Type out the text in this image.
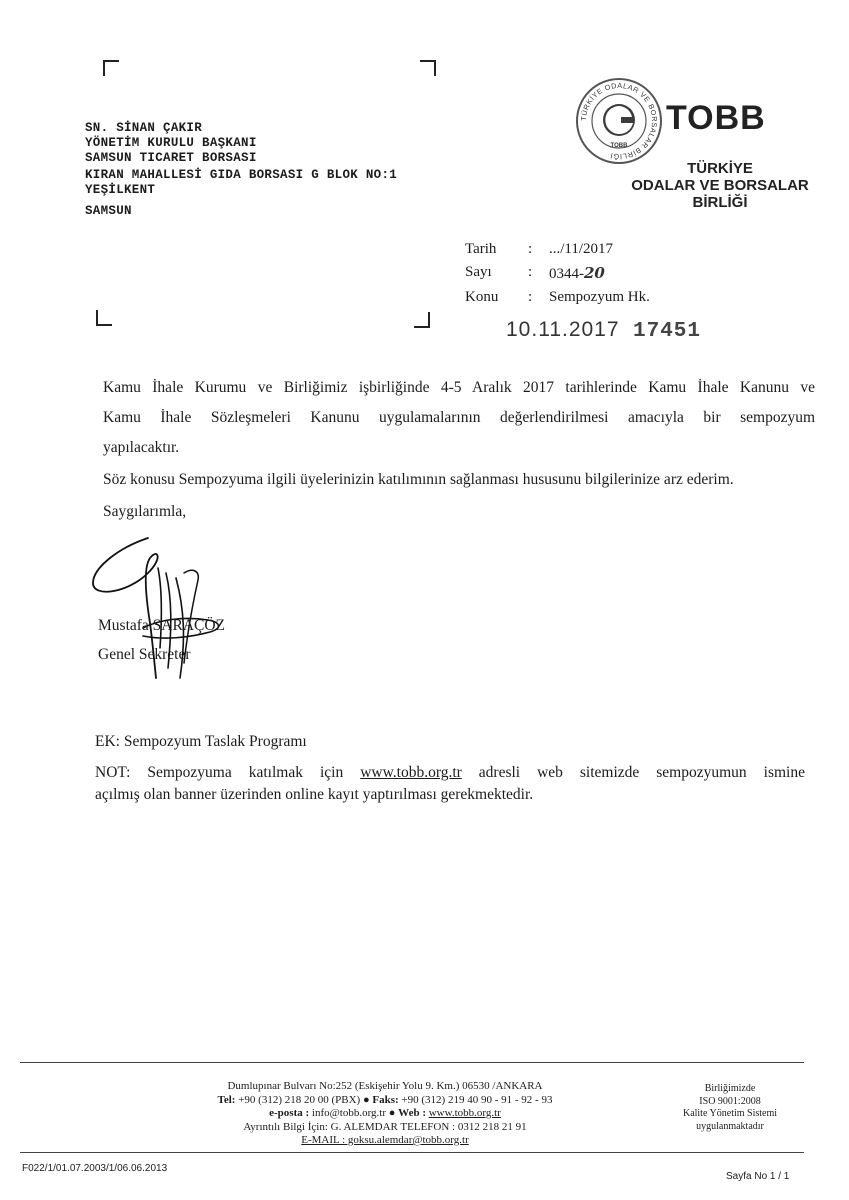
SN. SİNAN ÇAKIR
YÖNETİM KURULU BAŞKANI
SAMSUN TICARET BORSASI
KIRAN MAHALLESİ GIDA BORSASI G BLOK NO:1
YEŞİLKENT
SAMSUN
TÜRKİYE ODALAR VE BORSALAR BİRLİĞİ
TOBB
TOBB
TÜRKİYE
ODALAR VE BORSALAR
BİRLİĞİ
Tarih : .../11/2017
Sayı : 0344-20
Konu : Sempozyum Hk.
10.11.2017 17451
Kamu İhale Kurumu ve Birliğimiz işbirliğinde 4-5 Aralık 2017 tarihlerinde Kamu İhale Kanunu ve
Kamu İhale Sözleşmeleri Kanunu uygulamalarının değerlendirilmesi amacıyla bir sempozyum
yapılacaktır.
Söz konusu Sempozyuma ilgili üyelerinizin katılımının sağlanması hususunu bilgilerinize arz ederim.
Saygılarımla,
Mustafa SARAÇÖZ
Genel Sekreter
EK: Sempozyum Taslak Programı
NOT: Sempozyuma katılmak için www.tobb.org.tr adresli web sitemizde sempozyumun ismine
açılmış olan banner üzerinden online kayıt yaptırılması gerekmektedir.
Dumlupınar Bulvarı No:252 (Eskişehir Yolu 9. Km.) 06530 /ANKARA
Tel: +90 (312) 218 20 00 (PBX) ● Faks: +90 (312) 219 40 90 - 91 - 92 - 93
e-posta : info@tobb.org.tr ● Web : www.tobb.org.tr
Ayrıntılı Bilgi İçin: G. ALEMDAR TELEFON : 0312 218 21 91
E-MAIL : goksu.alemdar@tobb.org.tr
Birliğimizde
ISO 9001:2008
Kalite Yönetim Sistemi
uygulanmaktadır
F022/1/01.07.2003/1/06.06.2013
Sayfa No 1 / 1
